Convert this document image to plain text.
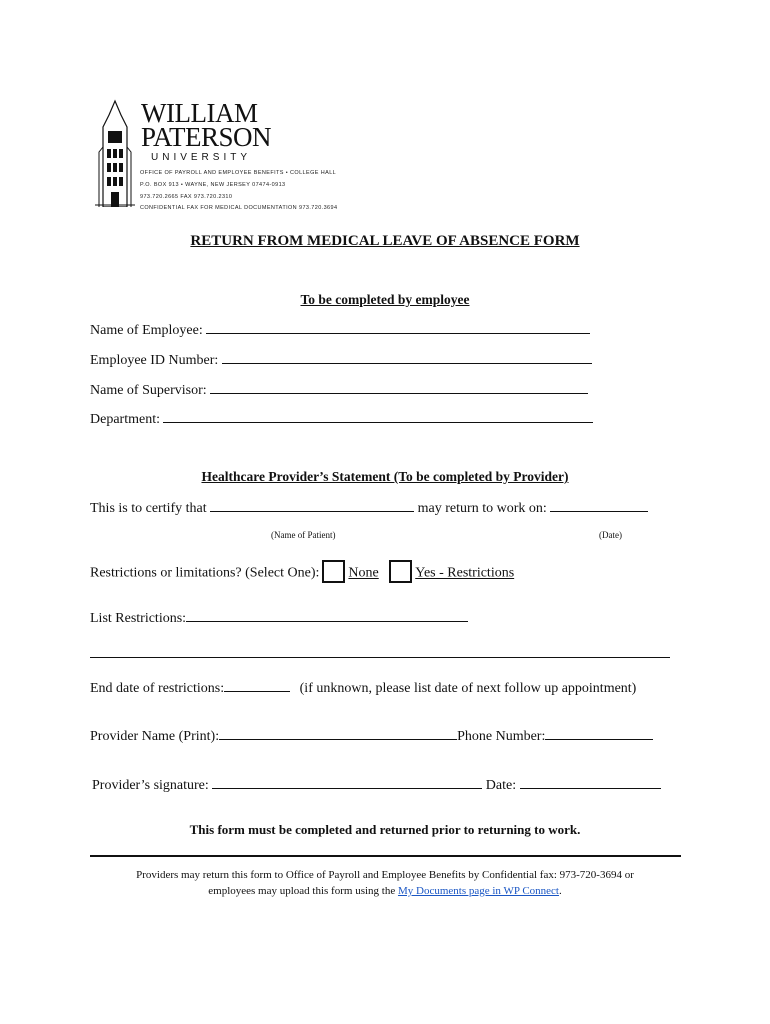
WILLIAM
PATERSON
UNIVERSITY
OFFICE OF PAYROLL AND EMPLOYEE BENEFITS • COLLEGE HALL
P.O. BOX 913 • WAYNE, NEW JERSEY 07474-0913
973.720.2665 FAX 973.720.2310
CONFIDENTIAL FAX FOR MEDICAL DOCUMENTATION 973.720.3694
RETURN FROM MEDICAL LEAVE OF ABSENCE FORM
To be completed by employee
Name of Employee:
Employee ID Number:
Name of Supervisor:
Department:
Healthcare Provider’s Statement (To be completed by Provider)
This is to certify that	may return to work on:
(Name of Patient)	(Date)
Restrictions or limitations? (Select One): None	Yes - Restrictions
List Restrictions:
End date of restrictions:	(if unknown, please list date of next follow up appointment)
Provider Name (Print):	Phone Number:
Provider’s signature:	Date:
This form must be completed and returned prior to returning to work.
Providers may return this form to Office of Payroll and Employee Benefits by Confidential fax: 973-720-3694 or
employees may upload this form using the My Documents page in WP Connect.
